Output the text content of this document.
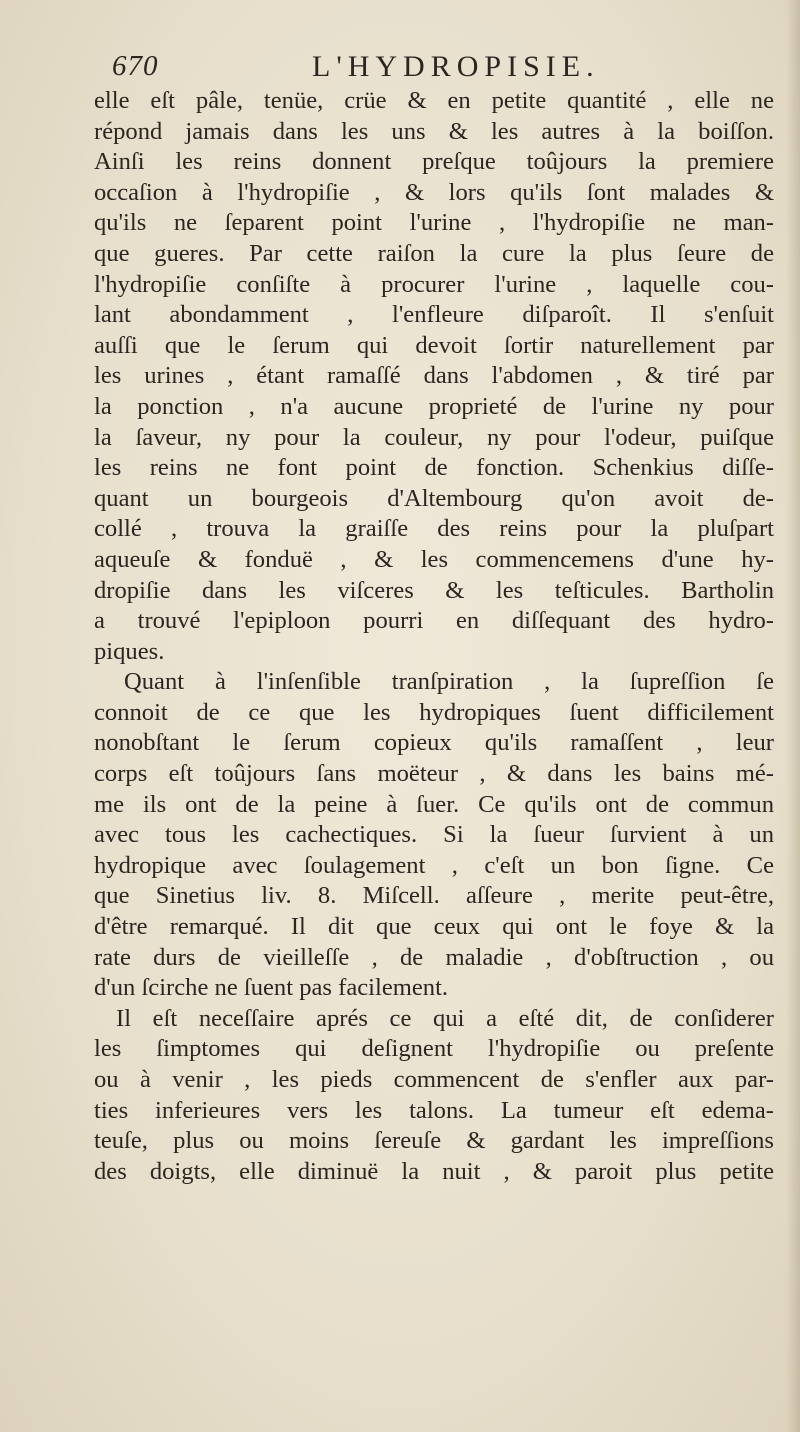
670	L'HYDROPISIE.
elle eſt pâle, tenüe, crüe & en petite quantité , elle ne
répond jamais dans les uns & les autres à la boiſſon.
Ainſi les reins donnent preſque toûjours la premiere
occaſion à l'hydropiſie , & lors qu'ils ſont malades &
qu'ils ne ſeparent point l'urine , l'hydropiſie ne man-
que gueres. Par cette raiſon la cure la plus ſeure de
l'hydropiſie conſiſte à procurer l'urine , laquelle cou-
lant abondamment , l'enfleure diſparoît. Il s'enſuit
auſſi que le ſerum qui devoit ſortir naturellement par
les urines , étant ramaſſé dans l'abdomen , & tiré par
la ponction , n'a aucune proprieté de l'urine ny pour
la ſaveur, ny pour la couleur, ny pour l'odeur, puiſque
les reins ne font point de fonction. Schenkius diſſe-
quant un bourgeois d'Altembourg qu'on avoit de-
collé , trouva la graiſſe des reins pour la pluſpart
aqueuſe & fonduë , & les commencemens d'une hy-
dropiſie dans les viſceres & les teſticules. Bartholin
a trouvé l'epiploon pourri en diſſequant des hydro-
piques.
Quant à l'inſenſible tranſpiration , la ſupreſſion ſe
connoit de ce que les hydropiques ſuent difficilement
nonobſtant le ſerum copieux qu'ils ramaſſent , leur
corps eſt toûjours ſans moëteur , & dans les bains mé-
me ils ont de la peine à ſuer. Ce qu'ils ont de commun
avec tous les cachectiques. Si la ſueur ſurvient à un
hydropique avec ſoulagement , c'eſt un bon ſigne. Ce
que Sinetius liv. 8. Miſcell. aſſeure , merite peut-être,
d'être remarqué. Il dit que ceux qui ont le foye & la
rate durs de vieilleſſe , de maladie , d'obſtruction , ou
d'un ſcirche ne ſuent pas facilement.
Il eſt neceſſaire aprés ce qui a eſté dit, de conſiderer
les ſimptomes qui deſignent l'hydropiſie ou preſente
ou à venir , les pieds commencent de s'enfler aux par-
ties inferieures vers les talons. La tumeur eſt edema-
teuſe, plus ou moins ſereuſe & gardant les impreſſions
des doigts, elle diminuë la nuit , & paroit plus petite
